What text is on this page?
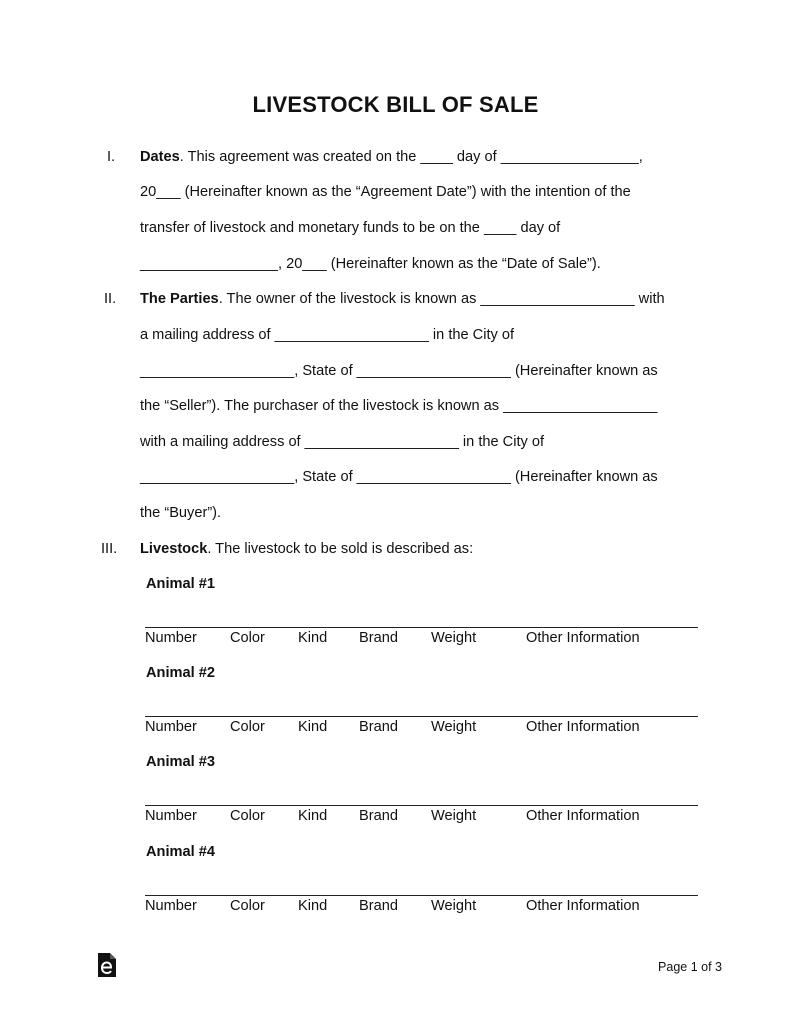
LIVESTOCK BILL OF SALE
I. Dates. This agreement was created on the ____ day of _________________,
20___ (Hereinafter known as the “Agreement Date”) with the intention of the
transfer of livestock and monetary funds to be on the ____ day of
_________________, 20___ (Hereinafter known as the “Date of Sale”).
II. The Parties. The owner of the livestock is known as ___________________ with
a mailing address of ___________________ in the City of
___________________, State of ___________________ (Hereinafter known as
the “Seller”). The purchaser of the livestock is known as ___________________
with a mailing address of ___________________ in the City of
___________________, State of ___________________ (Hereinafter known as
the “Buyer”).
III. Livestock. The livestock to be sold is described as:
Animal #1
Number Color Kind Brand Weight	Other Information
Animal #2
Number Color Kind Brand Weight	Other Information
Animal #3
Number Color Kind Brand Weight	Other Information
Animal #4
Number Color Kind Brand Weight	Other Information
Page 1 of 3
